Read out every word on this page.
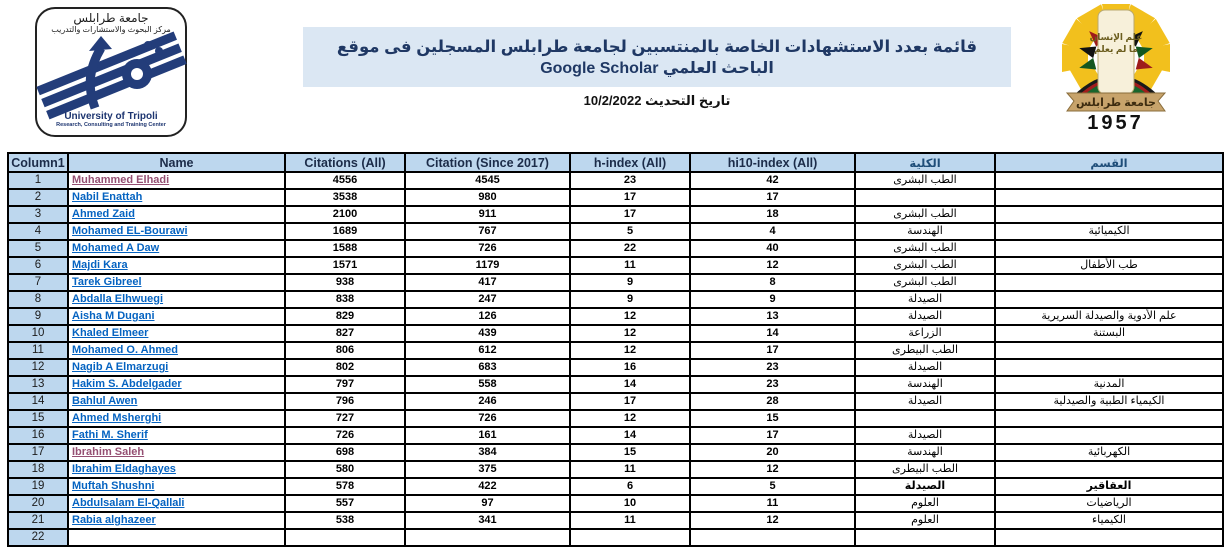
جامعة طرابلس
مركز البحوث والاستشارات والتدريب
University of Tripoli
Research, Consulting and Training Center
قائمة بعدد الاستشهادات الخاصة بالمنتسبين لجامعة طرابلس المسجلين فى موقع
الباحث العلمي Google Scholar
تاريخ التحديث 10/2/2022
علم الإنسان
ما لم يعلم
جامعة طرابلس
1957
Column1	Name	Citations (All)	Citation (Since 2017)	h-index (All)	hi10-index (All)	الكلية	القسم
1	Muhammed Elhadi	4556	4545	23	42	الطب البشرى	
2	Nabil Enattah	3538	980	17	17		
3	Ahmed Zaid	2100	911	17	18	الطب البشرى	
4	Mohamed EL-Bourawi	1689	767	5	4	الهندسة	الكيميائية
5	Mohamed A Daw	1588	726	22	40	الطب البشرى	
6	Majdi Kara	1571	1179	11	12	الطب البشرى	طب الأطفال
7	Tarek Gibreel	938	417	9	8	الطب البشرى	
8	Abdalla Elhwuegi	838	247	9	9	الصيدلة	
9	Aisha M Dugani	829	126	12	13	الصيدلة	علم الأدوية والصيدلة السريرية
10	Khaled Elmeer	827	439	12	14	الزراعة	البستنة
11	Mohamed O. Ahmed	806	612	12	17	الطب البيطرى	
12	Nagib A Elmarzugi	802	683	16	23	الصيدلة	
13	Hakim S. Abdelgader	797	558	14	23	الهندسة	المدنية
14	Bahlul Awen	796	246	17	28	الصيدلة	الكيمياء الطبية والصيدلية
15	Ahmed Msherghi	727	726	12	15		
16	Fathi M. Sherif	726	161	14	17	الصيدلة	
17	Ibrahim Saleh	698	384	15	20	الهندسة	الكهربائية
18	Ibrahim Eldaghayes	580	375	11	12	الطب البيطرى	
19	Muftah Shushni	578	422	6	5	الصيدلة	العقاقير
20	Abdulsalam El-Qallali	557	97	10	11	العلوم	الرياضيات
21	Rabia alghazeer	538	341	11	12	العلوم	الكيمياء
22							
